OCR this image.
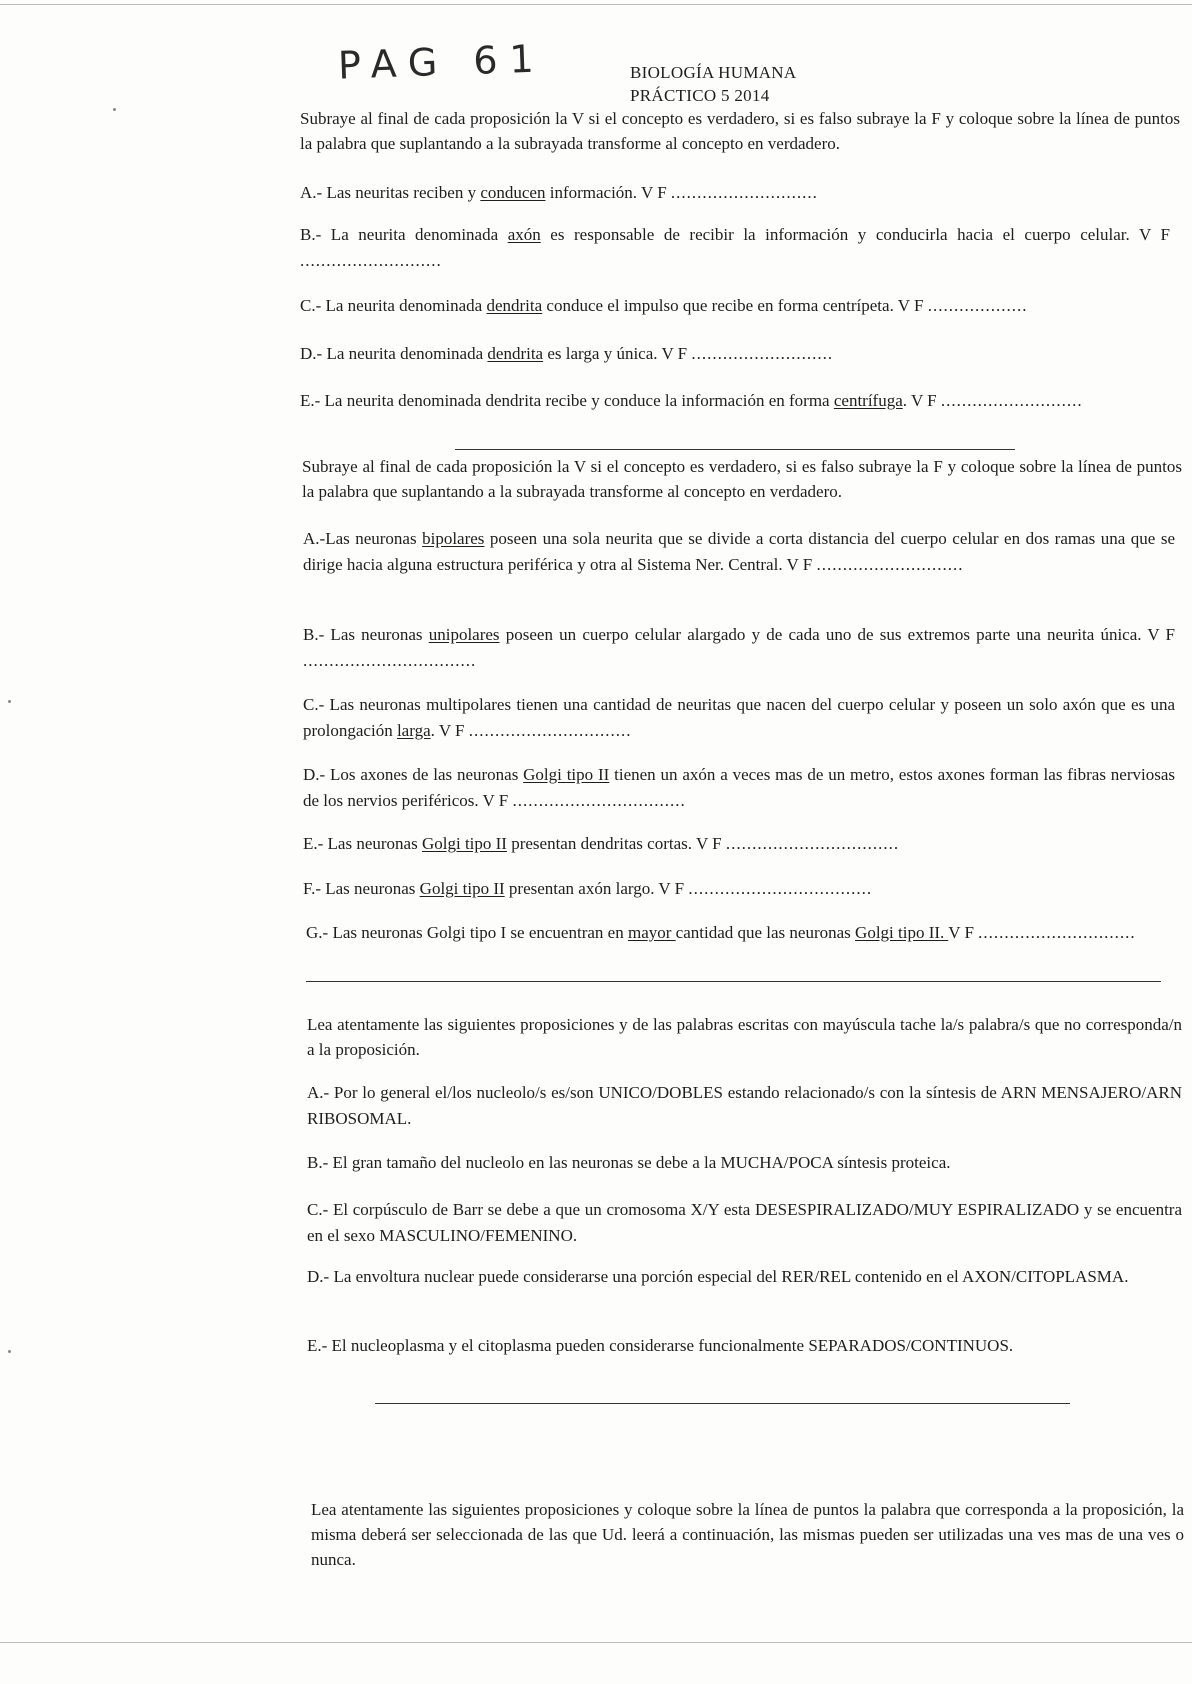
PAG 61	BIOLOGÍA HUMANA
PRÁCTICO 5 2014
Subraye al final de cada proposición la V si el concepto es verdadero, si es falso subraye la F y coloque sobre la línea de puntos la palabra que suplantando a la subrayada transforme al concepto en verdadero.
A.- Las neuritas reciben y conducen información. V F ............................
B.- La neurita denominada axón es responsable de recibir la información y conducirla hacia el cuerpo celular. V F ...........................
C.- La neurita denominada dendrita conduce el impulso que recibe en forma centrípeta. V F ...................
D.- La neurita denominada dendrita es larga y única. V F ...........................
E.- La neurita denominada dendrita recibe y conduce la información en forma centrífuga. V F ...........................
Subraye al final de cada proposición la V si el concepto es verdadero, si es falso subraye la F y coloque sobre la línea de puntos la palabra que suplantando a la subrayada transforme al concepto en verdadero.
A.-Las neuronas bipolares poseen una sola neurita que se divide a corta distancia del cuerpo celular en dos ramas una que se dirige hacia alguna estructura periférica y otra al Sistema Ner. Central. V F ............................
B.- Las neuronas unipolares poseen un cuerpo celular alargado y de cada uno de sus extremos parte una neurita única. V F .................................
C.- Las neuronas multipolares tienen una cantidad de neuritas que nacen del cuerpo celular y poseen un solo axón que es una prolongación larga. V F ...............................
D.- Los axones de las neuronas Golgi tipo II tienen un axón a veces mas de un metro, estos axones forman las fibras nerviosas de los nervios periféricos. V F .................................
E.- Las neuronas Golgi tipo II presentan dendritas cortas. V F .................................
F.- Las neuronas Golgi tipo II presentan axón largo. V F ...................................
G.- Las neuronas Golgi tipo I se encuentran en mayor cantidad que las neuronas Golgi tipo II. V F ..............................
Lea atentamente las siguientes proposiciones y de las palabras escritas con mayúscula tache la/s palabra/s que no corresponda/n a la proposición.
A.- Por lo general el/los nucleolo/s es/son UNICO/DOBLES estando relacionado/s con la síntesis de ARN MENSAJERO/ARN RIBOSOMAL.
B.- El gran tamaño del nucleolo en las neuronas se debe a la MUCHA/POCA síntesis proteica.
C.- El corpúsculo de Barr se debe a que un cromosoma X/Y esta DESESPIRALIZADO/MUY ESPIRALIZADO y se encuentra en el sexo MASCULINO/FEMENINO.
D.- La envoltura nuclear puede considerarse una porción especial del RER/REL contenido en el AXON/CITOPLASMA.
E.- El nucleoplasma y el citoplasma pueden considerarse funcionalmente SEPARADOS/CONTINUOS.
Lea atentamente las siguientes proposiciones y coloque sobre la línea de puntos la palabra que corresponda a la proposición, la misma deberá ser seleccionada de las que Ud. leerá a continuación, las mismas pueden ser utilizadas una ves mas de una ves o nunca.
